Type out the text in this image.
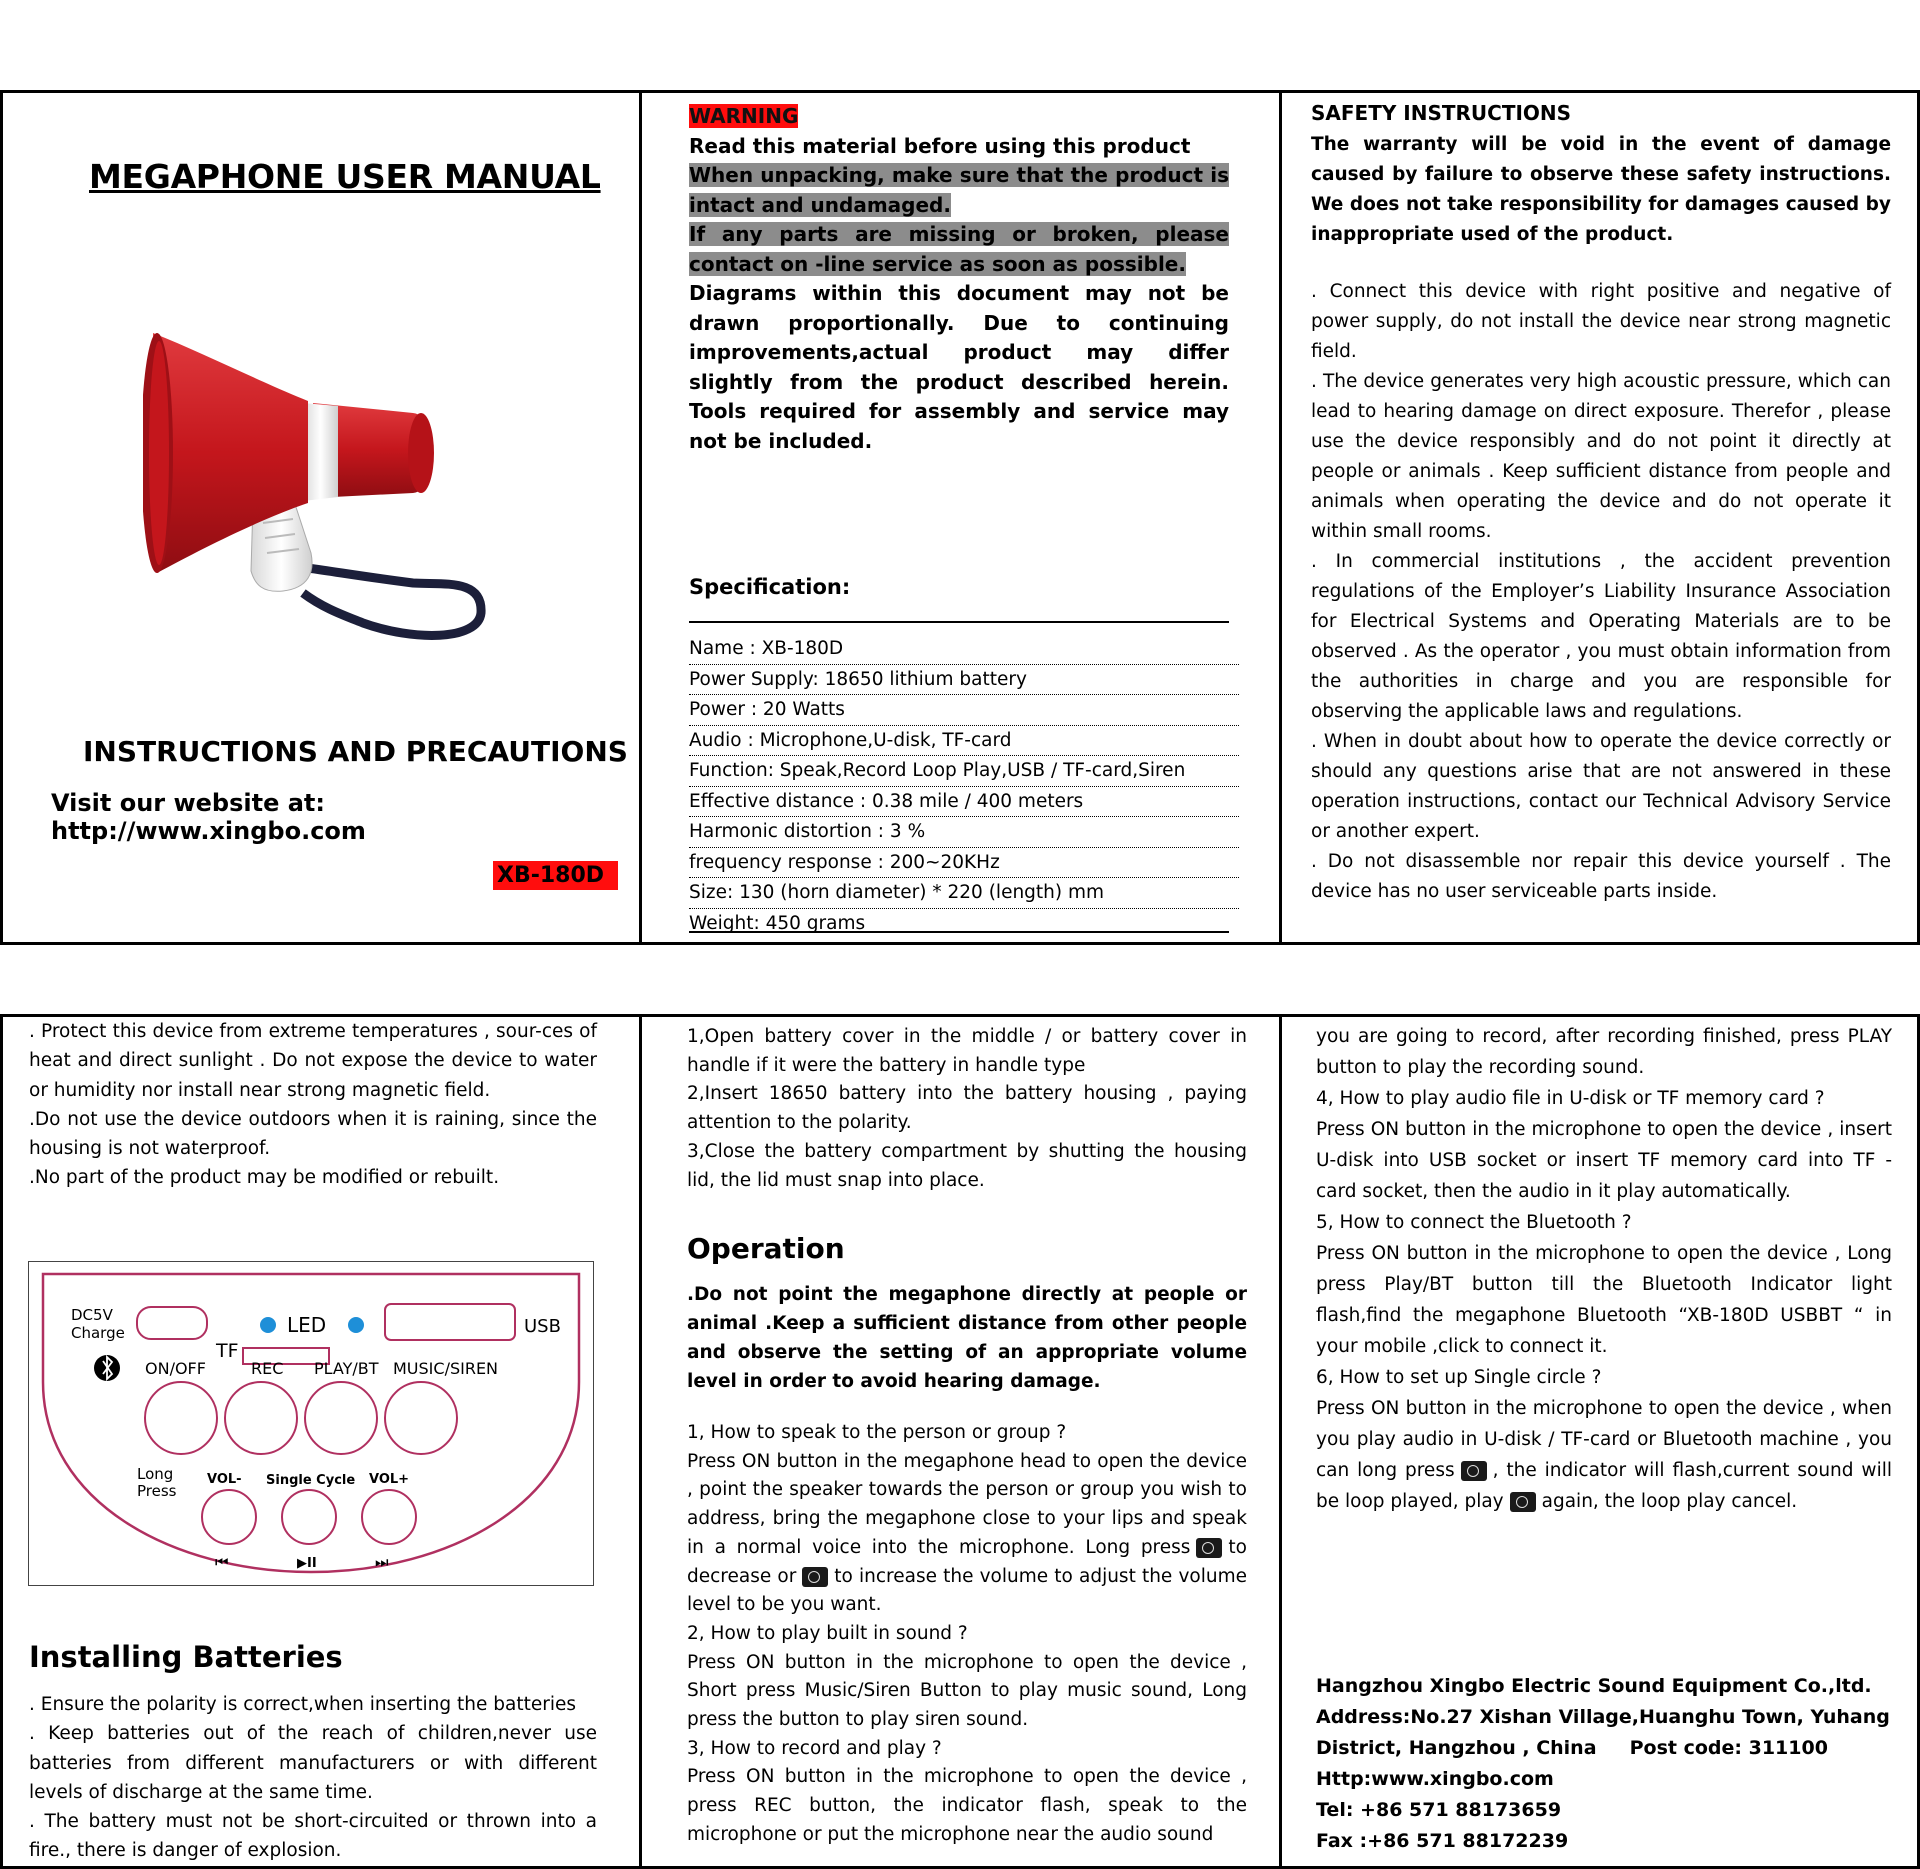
MEGAPHONE USER MANUAL
INSTRUCTIONS AND PRECAUTIONS
Visit our website at: http://www.xingbo.com
XB-180D
WARNING
Read this material before using this product
When unpacking, make sure that the product is intact and undamaged.
If any parts are missing or broken, please contact on -line service as soon as possible.
Diagrams within this document may not be drawn proportionally. Due to continuing improvements,actual product may differ slightly from the product described herein. Tools required for assembly and service may not be included.
Specification:
Name : XB-180D
Power Supply: 18650 lithium battery
Power : 20 Watts
Audio : Microphone,U-disk, TF-card
Function: Speak,Record Loop Play,USB / TF-card,Siren
Effective distance : 0.38 mile / 400 meters
Harmonic distortion : 3 %
frequency response : 200~20KHz
Size: 130 (horn diameter) * 220 (length) mm
Weight: 450 grams
SAFETY INSTRUCTIONS
The warranty will be void in the event of damage caused by failure to observe these safety instructions. We does not take responsibility for damages caused by inappropriate used of the product.

. Connect this device with right positive and negative of power supply, do not install the device near strong magnetic field.

. The device generates very high acoustic pressure, which can lead to hearing damage on direct exposure. Therefor , please use the device responsibly and do not point it directly at people or animals . Keep sufficient distance from people and animals when operating the device and do not operate it within small rooms.

. In commercial institutions , the accident prevention regulations of the Employer’s Liability Insurance Association for Electrical Systems and Operating Materials are to be observed . As the operator , you must obtain information from the authorities in charge and you are responsible for observing the applicable laws and regulations.

. When in doubt about how to operate the device correctly or should any questions arise that are not answered in these operation instructions, contact our Technical Advisory Service or another expert.

. Do not disassemble nor repair this device yourself . The device has no user serviceable parts inside.

. Protect this device from extreme temperatures , sour-ces of heat and direct sunlight . Do not expose the device to water or humidity nor install near strong magnetic field.

.Do not use the device outdoors when it is raining, since the housing is not waterproof.

.No part of the product may be modified or rebuilt.

DC5V
Charge	LED
TF
USB
ON/OFF	REC PLAY/BT MUSIC/SIREN
Long
Press
VOL- Single Cycle VOL+
⏮	▶II	⏭
Installing Batteries

. Ensure the polarity is correct,when inserting the batteries

. Keep batteries out of the reach of children,never use batteries from different manufacturers or with different levels of discharge at the same time.

. The battery must not be short-circuited or thrown into a fire., there is danger of explosion.

1,Open battery cover in the middle / or battery cover in handle if it were the battery in handle type

2,Insert 18650 battery into the battery housing , paying attention to the polarity.

3,Close the battery compartment by shutting the housing lid, the lid must snap into place.

Operation
.Do not point the megaphone directly at people or animal .Keep a sufficient distance from other people and observe the setting of an appropriate volume level in order to avoid hearing damage.

1, How to speak to the person or group ?

Press ON button in the megaphone head to open the device , point the speaker towards the person or group you wish to address, bring the megaphone close to your lips and speak in a normal voice into the microphone. Long press to decrease or to increase the volume to adjust the volume level to be you want.

2, How to play built in sound ?

Press ON button in the microphone to open the device , Short press Music/Siren Button to play music sound, Long press the button to play siren sound.

3, How to record and play ?

Press ON button in the microphone to open the device , press REC button, the indicator flash, speak to the microphone or put the microphone near the audio sound

you are going to record, after recording finished, press PLAY button to play the recording sound.

4, How to play audio file in U-disk or TF memory card ?

Press ON button in the microphone to open the device , insert U-disk into USB socket or insert TF memory card into TF - card socket, then the audio in it play automatically.

5, How to connect the Bluetooth ?

Press ON button in the microphone to open the device , Long press Play/BT button till the Bluetooth Indicator light flash,find the megaphone Bluetooth “XB-180D USBBT “ in your mobile ,click to connect it.

6, How to set up Single circle ?

Press ON button in the microphone to open the device , when you play audio in U-disk / TF-card or Bluetooth machine , you can long press , the indicator will flash,current sound will be loop played, play again, the loop play cancel.

Hangzhou Xingbo Electric Sound Equipment Co.,ltd.

Address:No.27 Xishan Village,Huanghu Town, Yuhang

District, Hangzhou , China     Post code: 311100

Http:www.xingbo.com

Tel: +86 571 88173659

Fax :+86 571 88172239
